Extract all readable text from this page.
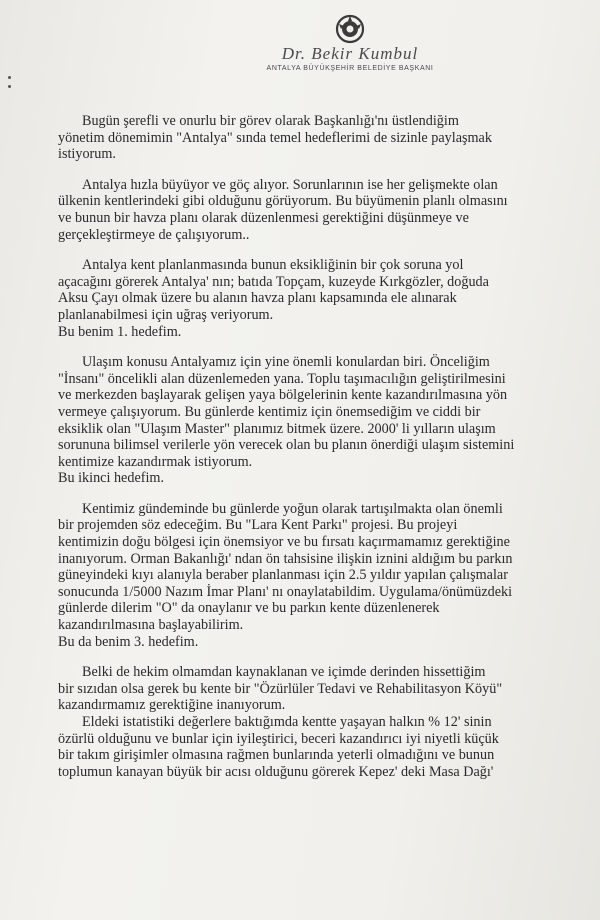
Dr. Bekir Kumbul
ANTALYA BÜYÜKŞEHİR BELEDİYE BAŞKANI
Bugün şerefli ve onurlu bir görev olarak Başkanlığı'nı üstlendiğim
yönetim dönemimin "Antalya" sında temel hedeflerimi de sizinle paylaşmak
istiyorum.
Antalya hızla büyüyor ve göç alıyor. Sorunlarının ise her gelişmekte olan
ülkenin kentlerindeki gibi olduğunu görüyorum. Bu büyümenin planlı olmasını
ve bunun bir havza planı olarak düzenlenmesi gerektiğini düşünmeye ve
gerçekleştirmeye de çalışıyorum..
Antalya kent planlanmasında bunun eksikliğinin bir çok soruna yol
açacağını görerek Antalya' nın; batıda Topçam, kuzeyde Kırkgözler, doğuda
Aksu Çayı olmak üzere bu alanın havza planı kapsamında ele alınarak
planlanabilmesi için uğraş veriyorum.
Bu benim 1. hedefim.
Ulaşım konusu Antalyamız için yine önemli konulardan biri. Önceliğim
"İnsanı" öncelikli alan düzenlemeden yana. Toplu taşımacılığın geliştirilmesini
ve merkezden başlayarak gelişen yaya bölgelerinin kente kazandırılmasına yön
vermeye çalışıyorum. Bu günlerde kentimiz için önemsediğim ve ciddi bir
eksiklik olan "Ulaşım Master" planımız bitmek üzere. 2000' li yılların ulaşım
sorununa bilimsel verilerle yön verecek olan bu planın önerdiği ulaşım sistemini
kentimize kazandırmak istiyorum.
Bu ikinci hedefim.
Kentimiz gündeminde bu günlerde yoğun olarak tartışılmakta olan önemli
bir projemden söz edeceğim. Bu "Lara Kent Parkı" projesi. Bu projeyi
kentimizin doğu bölgesi için önemsiyor ve bu fırsatı kaçırmamamız gerektiğine
inanıyorum. Orman Bakanlığı' ndan ön tahsisine ilişkin iznini aldığım bu parkın
güneyindeki kıyı alanıyla beraber planlanması için 2.5 yıldır yapılan çalışmalar
sonucunda 1/5000 Nazım İmar Planı' nı onaylatabildim. Uygulama/önümüzdeki
günlerde dilerim "O" da onaylanır ve bu parkın kente düzenlenerek
kazandırılmasına başlayabilirim.
Bu da benim 3. hedefim.
Belki de hekim olmamdan kaynaklanan ve içimde derinden hissettiğim
bir sızıdan olsa gerek bu kente bir "Özürlüler Tedavi ve Rehabilitasyon Köyü"
kazandırmamız gerektiğine inanıyorum.
Eldeki istatistiki değerlere baktığımda kentte yaşayan halkın % 12' sinin
özürlü olduğunu ve bunlar için iyileştirici, beceri kazandırıcı iyi niyetli küçük
bir takım girişimler olmasına rağmen bunlarında yeterli olmadığını ve bunun
toplumun kanayan büyük bir acısı olduğunu görerek Kepez' deki Masa Dağı'
